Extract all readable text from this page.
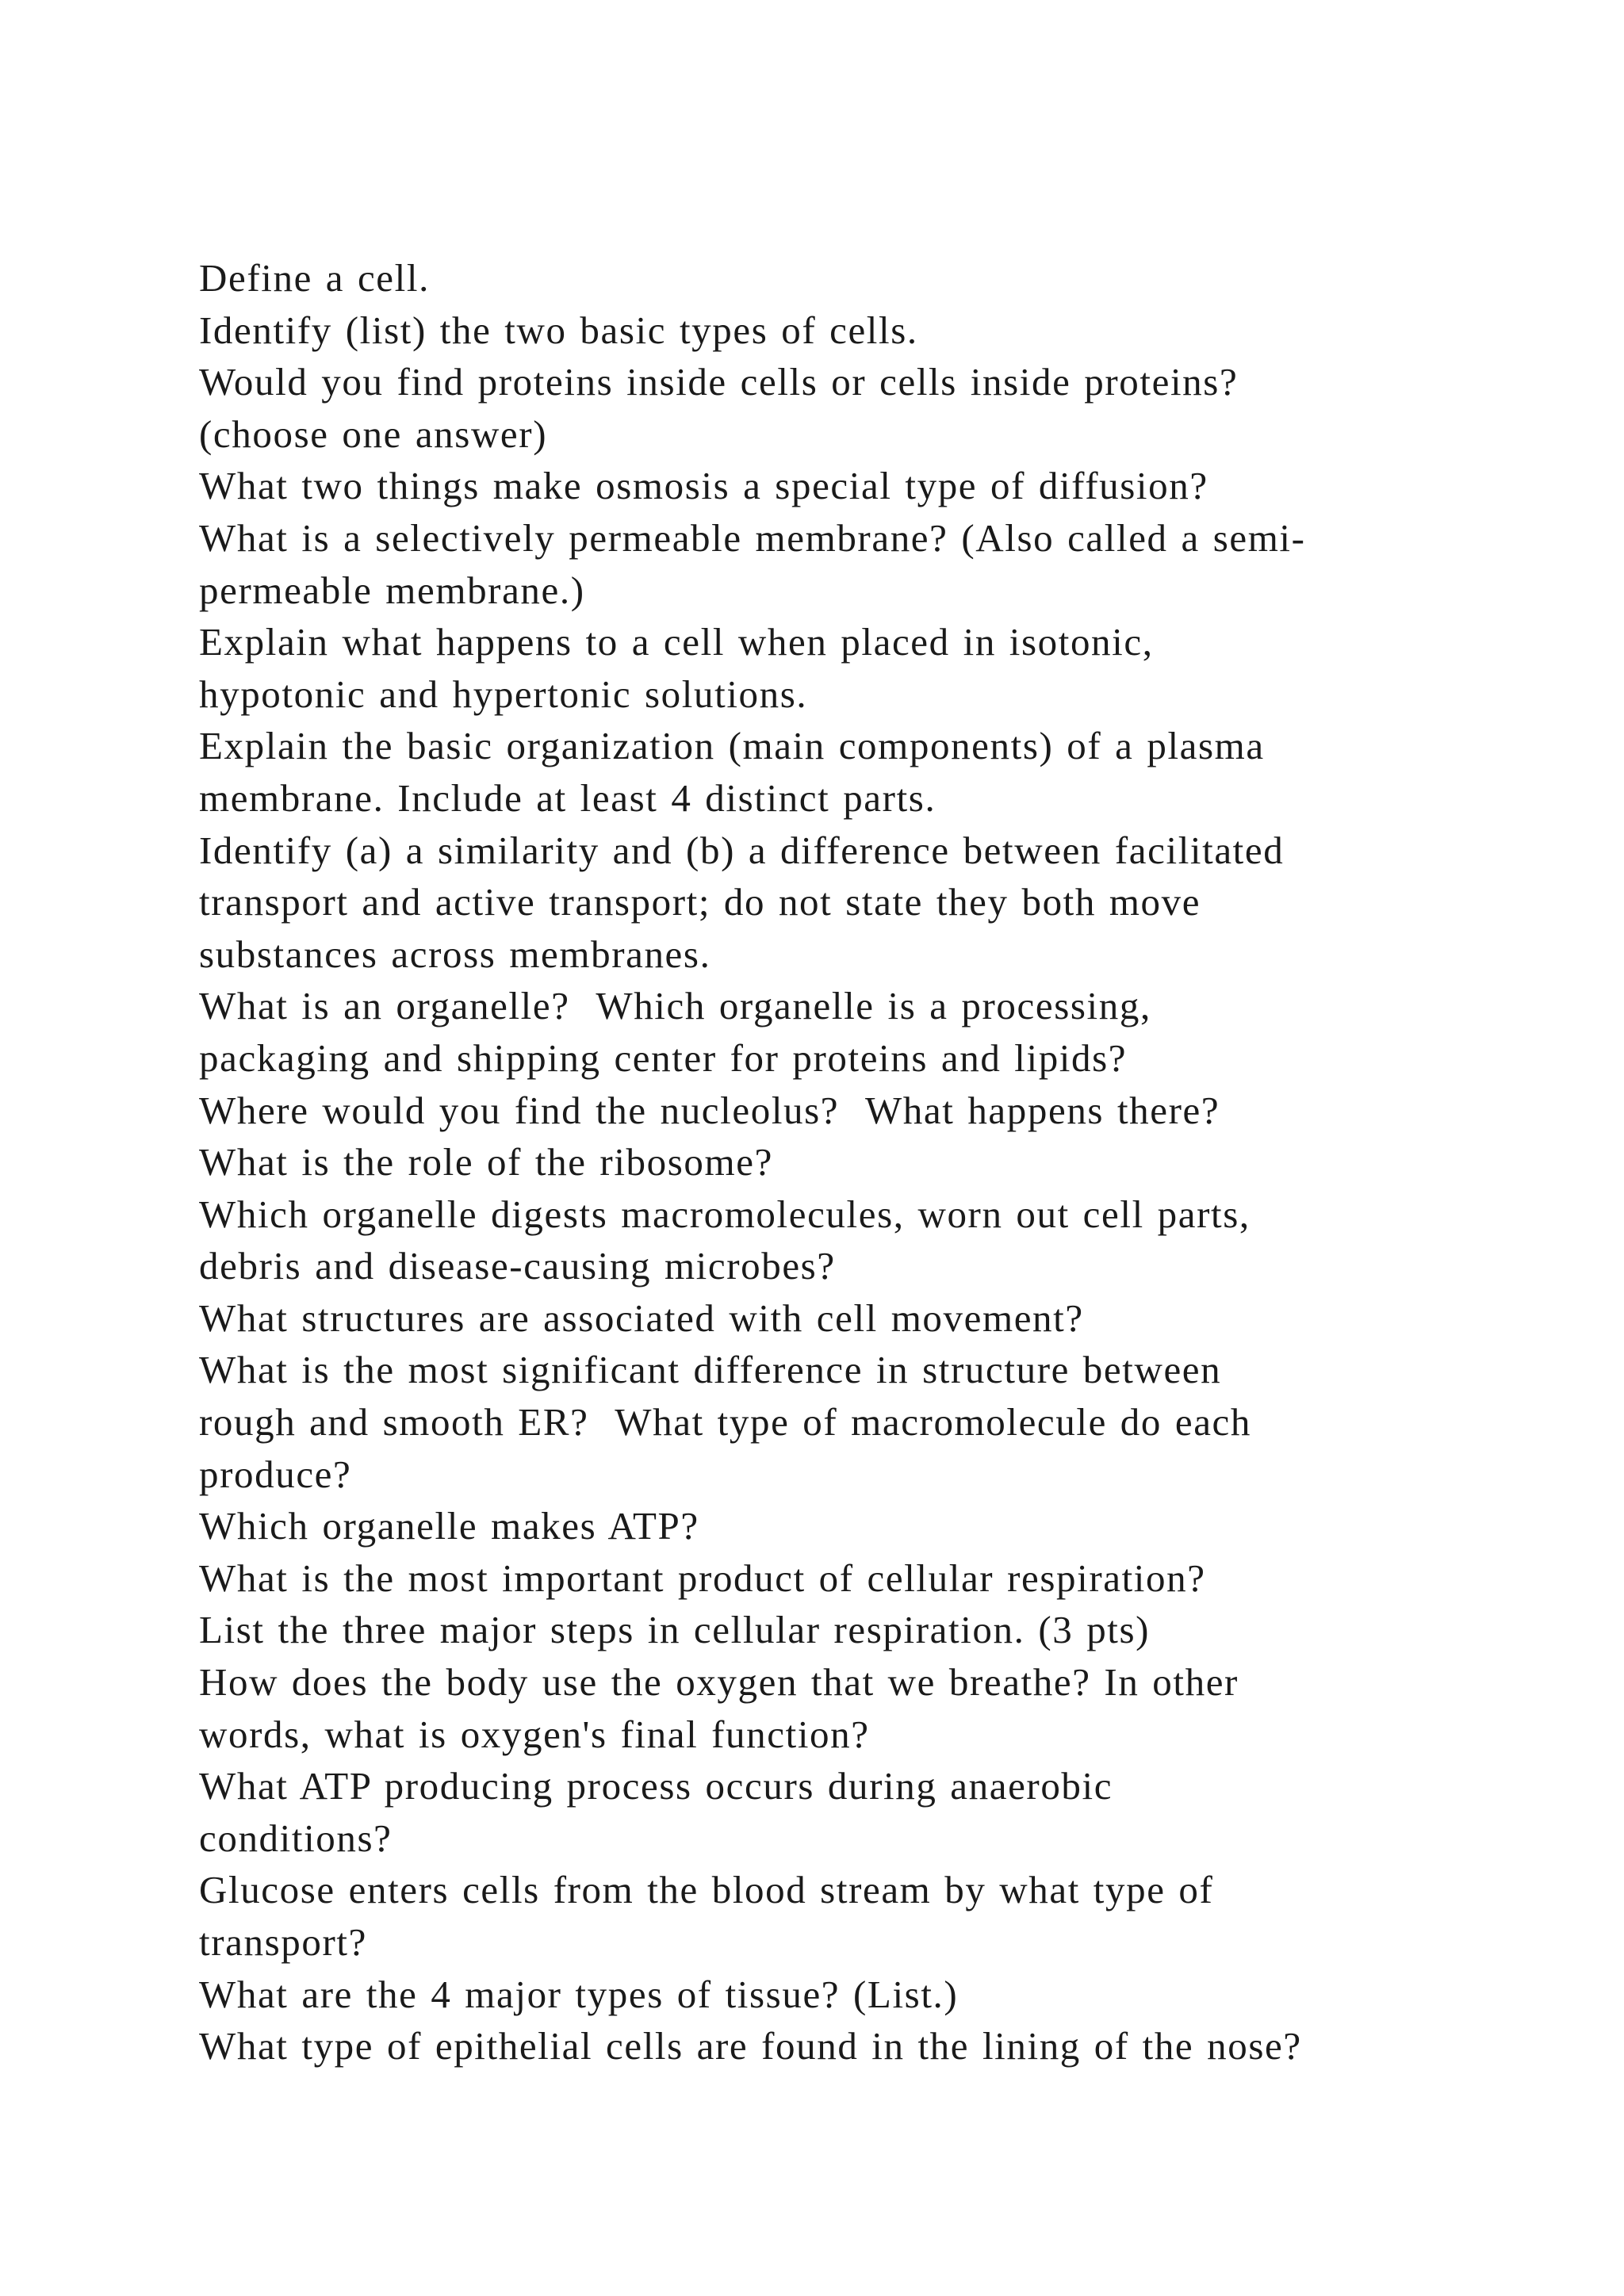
Define a cell.
Identify (list) the two basic types of cells.
Would you find proteins inside cells or cells inside proteins?
(choose one answer)
What two things make osmosis a special type of diffusion?
What is a selectively permeable membrane? (Also called a semi-
permeable membrane.)
Explain what happens to a cell when placed in isotonic,
hypotonic and hypertonic solutions.
Explain the basic organization (main components) of a plasma
membrane. Include at least 4 distinct parts.
Identify (a) a similarity and (b) a difference between facilitated
transport and active transport; do not state they both move
substances across membranes.
What is an organelle?  Which organelle is a processing,
packaging and shipping center for proteins and lipids?
Where would you find the nucleolus?  What happens there?
What is the role of the ribosome?
Which organelle digests macromolecules, worn out cell parts,
debris and disease-causing microbes?
What structures are associated with cell movement?
What is the most significant difference in structure between
rough and smooth ER?  What type of macromolecule do each
produce?
Which organelle makes ATP?
What is the most important product of cellular respiration?
List the three major steps in cellular respiration. (3 pts)
How does the body use the oxygen that we breathe? In other
words, what is oxygen's final function?
What ATP producing process occurs during anaerobic
conditions?
Glucose enters cells from the blood stream by what type of
transport?
What are the 4 major types of tissue? (List.)
What type of epithelial cells are found in the lining of the nose?
